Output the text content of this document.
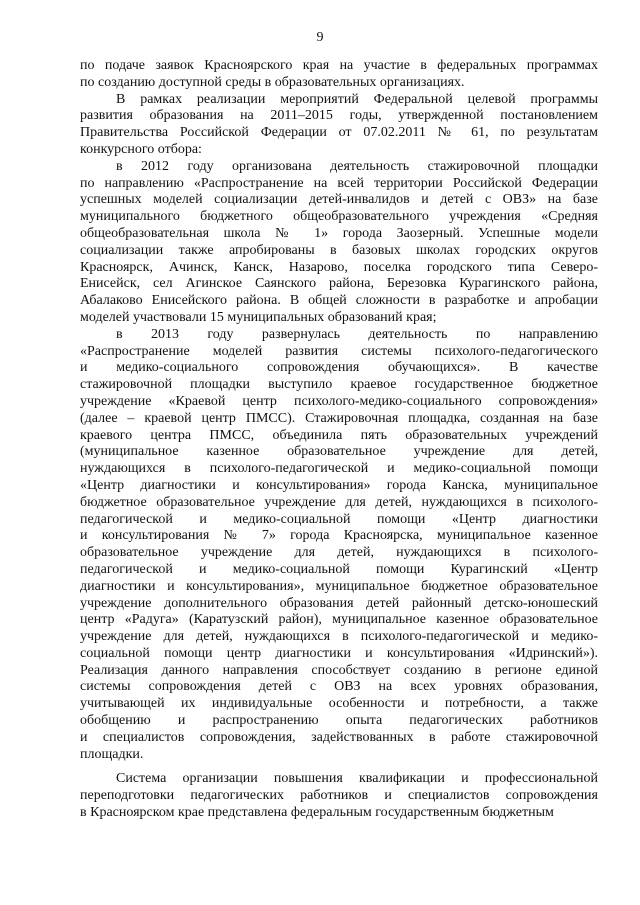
9

по подаче заявок Красноярского края на участие в федеральных программах
по созданию доступной среды в образовательных организациях.

В рамках реализации мероприятий Федеральной целевой программы
развития образования на 2011–2015 годы, утвержденной постановлением
Правительства Российской Федерации от 07.02.2011 № 61, по результатам
конкурсного отбора:

в 2012 году организована деятельность стажировочной площадки
по направлению «Распространение на всей территории Российской Федерации
успешных моделей социализации детей-инвалидов и детей с ОВЗ» на базе
муниципального бюджетного общеобразовательного учреждения «Средняя
общеобразовательная школа № 1» города Заозерный. Успешные модели
социализации также апробированы в базовых школах городских округов
Красноярск, Ачинск, Канск, Назарово, поселка городского типа Северо-
Енисейск, сел Агинское Саянского района, Березовка Курагинского района,
Абалаково Енисейского района. В общей сложности в разработке и апробации
моделей участвовали 15 муниципальных образований края;

в 2013 году развернулась деятельность по направлению
«Распространение моделей развития системы психолого-педагогического
и медико-социального сопровождения обучающихся». В качестве
стажировочной площадки выступило краевое государственное бюджетное
учреждение «Краевой центр психолого-медико-социального сопровождения»
(далее – краевой центр ПМСС). Стажировочная площадка, созданная на базе
краевого центра ПМСС, объединила пять образовательных учреждений
(муниципальное казенное образовательное учреждение для детей,
нуждающихся в психолого-педагогической и медико-социальной помощи
«Центр диагностики и консультирования» города Канска, муниципальное
бюджетное образовательное учреждение для детей, нуждающихся в психолого-
педагогической и медико-социальной помощи «Центр диагностики
и консультирования № 7» города Красноярска, муниципальное казенное
образовательное учреждение для детей, нуждающихся в психолого-
педагогической и медико-социальной помощи Курагинский «Центр
диагностики и консультирования», муниципальное бюджетное образовательное
учреждение дополнительного образования детей районный детско-юношеский
центр «Радуга» (Каратузский район), муниципальное казенное образовательное
учреждение для детей, нуждающихся в психолого-педагогической и медико-
социальной помощи центр диагностики и консультирования «Идринский»).
Реализация данного направления способствует созданию в регионе единой
системы сопровождения детей с ОВЗ на всех уровнях образования,
учитывающей их индивидуальные особенности и потребности, а также
обобщению и распространению опыта педагогических работников
и специалистов сопровождения, задействованных в работе стажировочной
площадки.

Система организации повышения квалификации и профессиональной
переподготовки педагогических работников и специалистов сопровождения
в Красноярском крае представлена федеральным государственным бюджетным
